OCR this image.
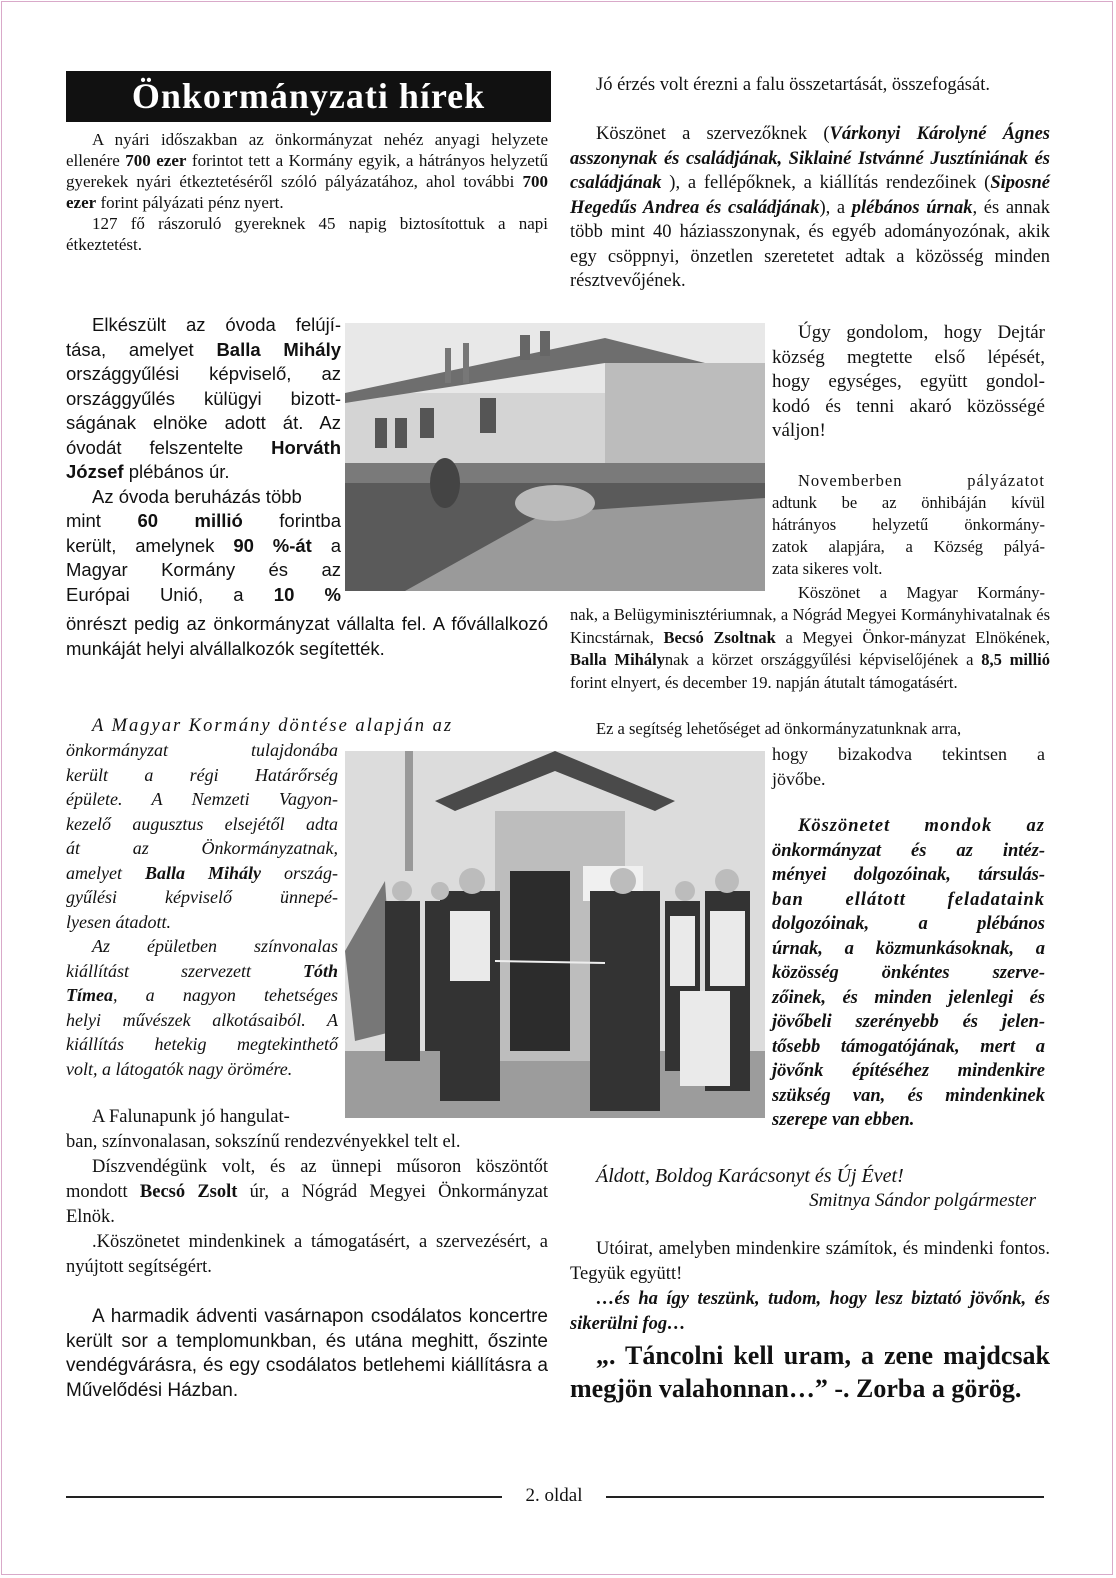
Önkormányzati hírek

A nyári időszakban az önkormányzat nehéz anyagi helyzete ellenére 700 ezer forintot tett a Kormány egyik, a hátrányos helyzetű gyerekek nyári étkeztetéséről szóló pályázatához, ahol további 700 ezer forint pályázati pénz nyert.

127 fő rászoruló gyereknek 45 napig biztosítottuk a napi étkeztetést.

Elkészült az óvoda felújí-
tása, amelyet Balla Mihály
országgyűlési képviselő, az
országgyűlés külügyi bizott-
ságának elnöke adott át. Az
óvodát felszentelte Horváth
József plébános úr.
Az óvoda beruházás több
mint 60 millió forintba
került, amelynek 90 %-át a
Magyar Kormány és az
Európai Unió, a 10 %
önrészt pedig az önkormányzat vállalta fel. A fővállalkozó munkáját helyi alvállalkozók segítették.
A Magyar Kormány döntése alapján az
önkormányzat tulajdonába
került a régi Határőrség
épülete. A Nemzeti Vagyon-
kezelő augusztus elsejétől adta
át az Önkormányzatnak,
amelyet Balla Mihály ország-
gyűlési képviselő ünnepé-
lyesen átadott.
Az épületben színvonalas
kiállítást szervezett Tóth
Tímea, a nagyon tehetséges
helyi művészek alkotásaiból. A
kiállítás hetekig megtekinthető
volt, a látogatók nagy örömére.
A Falunapunk jó hangulat-
ban, színvonalasan, sokszínű rendezvényekkel telt el.
Díszvendégünk volt, és az ünnepi műsoron köszöntőt mondott Becsó Zsolt úr, a Nógrád Megyei Önkormányzat Elnök.
.Köszönetet mindenkinek a támogatásért, a szervezésért, a nyújtott segítségért.
A harmadik ádventi vasárnapon csodálatos koncertre került sor a templomunkban, és utána meghitt, őszinte vendégvárásra, és egy csodálatos betlehemi kiállításra a Művelődési Házban.
Jó érzés volt érezni a falu összetartását, összefogását.
Köszönet a szervezőknek (Várkonyi Károlyné Ágnes asszonynak és családjának, Siklainé Istvánné Jusztíniának és családjának ), a fellépőknek, a kiállítás rendezőinek (Siposné Hegedűs Andrea és családjának), a plébános úrnak, és annak több mint 40 háziasszonynak, és egyéb adományozónak, akik egy csöppnyi, önzetlen szeretetet adtak a közösség minden résztvevőjének.
Úgy gondolom, hogy Dejtár
község megtette első lépését,
hogy egységes, együtt gondol-
kodó és tenni akaró közösségé
váljon!
Novemberben pályázatot
adtunk be az önhibáján kívül
hátrányos helyzetű önkormány-
zatok alapjára, a Község pályá-
zata sikeres volt.
Köszönet a Magyar Kormány-
nak, a Belügyminisztériumnak, a Nógrád Megyei Kormányhivatalnak és Kincstárnak, Becsó Zsoltnak a Megyei Önkor-mányzat Elnökének, Balla Mihálynak a körzet országgyűlési képviselőjének a 8,5 millió forint elnyert, és december 19. napján átutalt támogatásért.
Ez a segítség lehetőséget ad önkormányzatunknak arra,
hogy bizakodva tekintsen a
jövőbe.
Köszönetet mondok az
önkormányzat és az intéz-
ményei dolgozóinak, társulás-
ban ellátott feladataink
dolgozóinak, a plébános
úrnak, a közmunkásoknak, a
közösség önkéntes szerve-
zőinek, és minden jelenlegi és
jövőbeli szerényebb és jelen-
tősebb támogatójának, mert a
jövőnk építéséhez mindenkire
szükség van, és mindenkinek
szerepe van ebben.
Áldott, Boldog Karácsonyt és Új Évet!
Smitnya Sándor polgármester
Utóirat, amelyben mindenkire számítok, és mindenki fontos. Tegyük együtt!
…és ha így teszünk, tudom, hogy lesz biztató jövőnk, és sikerülni fog…
„. Táncolni kell uram, a zene majdcsak megjön valahonnan…” -. Zorba a görög.
2. oldal
